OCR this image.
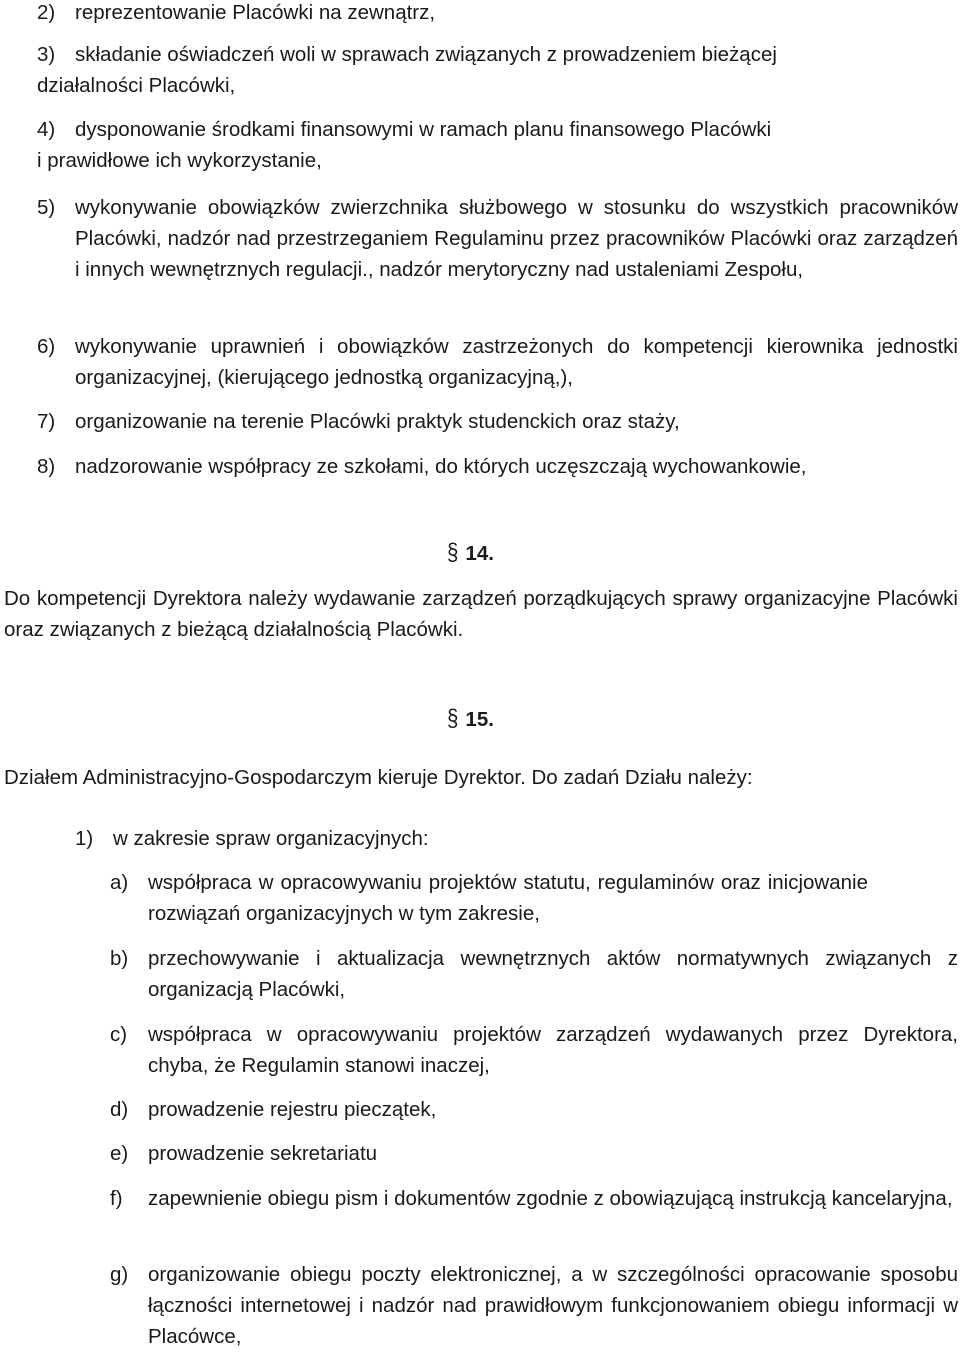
2) reprezentowanie Placówki na zewnątrz,
3) składanie oświadczeń woli w sprawach związanych z prowadzeniem bieżącej
działalności Placówki,
4) dysponowanie środkami finansowymi w ramach planu finansowego Placówki
i prawidłowe ich wykorzystanie,
5) wykonywanie obowiązków zwierzchnika służbowego w stosunku do wszystkich pracowników Placówki, nadzór nad przestrzeganiem Regulaminu przez pracowników Placówki oraz zarządzeń i innych wewnętrznych regulacji., nadzór merytoryczny nad ustaleniami Zespołu,
6) wykonywanie uprawnień i obowiązków zastrzeżonych do kompetencji kierownika jednostki organizacyjnej, (kierującego jednostką organizacyjną,),
7) organizowanie na terenie Placówki praktyk studenckich oraz staży,
8) nadzorowanie współpracy ze szkołami, do których uczęszczają wychowankowie,
§ 14.
Do kompetencji Dyrektora należy wydawanie zarządzeń porządkujących sprawy organizacyjne Placówki oraz związanych z bieżącą działalnością Placówki.
§ 15.
Działem Administracyjno-Gospodarczym kieruje Dyrektor. Do zadań Działu należy:
1) w zakresie spraw organizacyjnych:
a) współpraca w opracowywaniu projektów statutu, regulaminów oraz inicjowanie rozwiązań organizacyjnych w tym zakresie,
b) przechowywanie i aktualizacja wewnętrznych aktów normatywnych związanych z organizacją Placówki,
c) współpraca w opracowywaniu projektów zarządzeń wydawanych przez Dyrektora, chyba, że Regulamin stanowi inaczej,
d) prowadzenie rejestru pieczątek,
e) prowadzenie sekretariatu
f) zapewnienie obiegu pism i dokumentów zgodnie z obowiązującą instrukcją kancelaryjna,
g) organizowanie obiegu poczty elektronicznej, a w szczególności opracowanie sposobu łączności internetowej i nadzór nad prawidłowym funkcjonowaniem obiegu informacji w Placówce,
